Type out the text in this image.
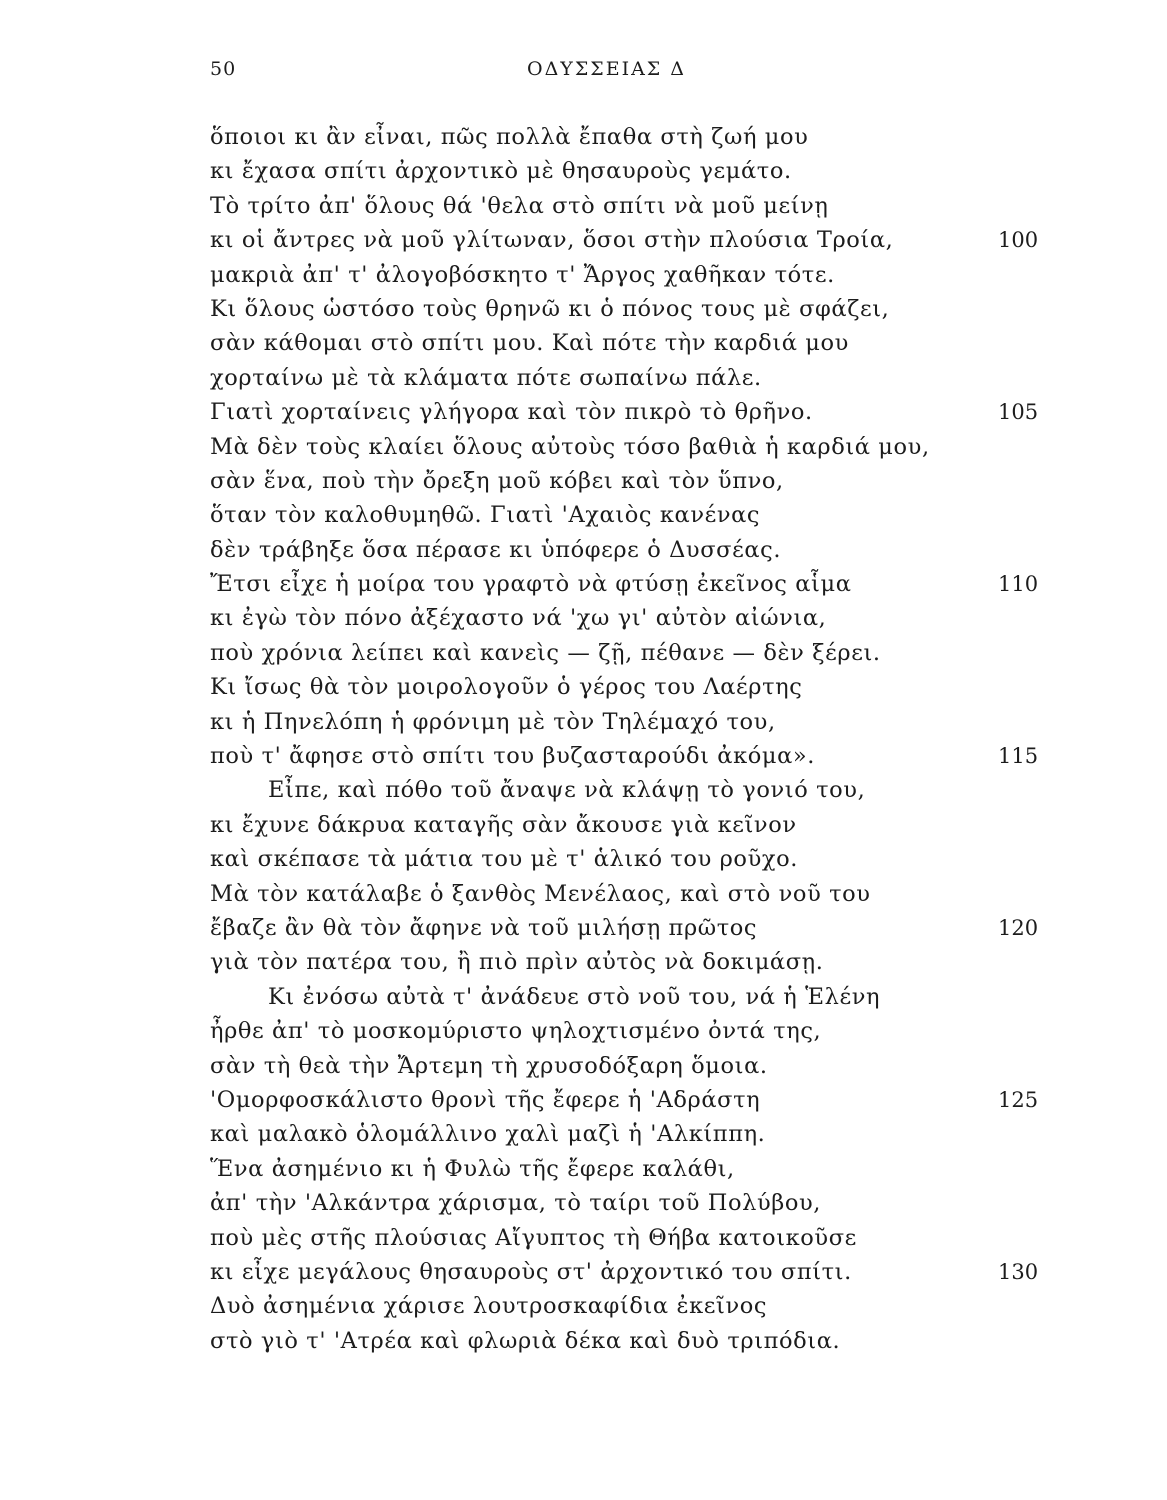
50	ΟΔΥΣΣΕΙΑΣ Δ
ὅποιοι κι ἂν εἶναι, πῶς πολλὰ ἔπαθα στὴ ζωή μου
κι ἔχασα σπίτι ἀρχοντικὸ μὲ θησαυροὺς γεμάτο.
Τὸ τρίτο ἀπ' ὅλους θά 'θελα στὸ σπίτι νὰ μοῦ μείνῃ
κι οἱ ἄντρες νὰ μοῦ γλίτωναν, ὅσοι στὴν πλούσια Τροία,	100
μακριὰ ἀπ' τ' ἀλογοβόσκητο τ' Ἄργος χαθῆκαν τότε.
Κι ὅλους ὡστόσο τοὺς θρηνῶ κι ὁ πόνος τους μὲ σφάζει,
σὰν κάθομαι στὸ σπίτι μου. Καὶ πότε τὴν καρδιά μου
χορταίνω μὲ τὰ κλάματα πότε σωπαίνω πάλε.
Γιατὶ χορταίνεις γλήγορα καὶ τὸν πικρὸ τὸ θρῆνο.	105
Μὰ δὲν τοὺς κλαίει ὅλους αὐτοὺς τόσο βαθιὰ ἡ καρδιά μου,
σὰν ἕνα, ποὺ τὴν ὄρεξη μοῦ κόβει καὶ τὸν ὕπνο,
ὅταν τὸν καλοθυμηθῶ. Γιατὶ 'Αχαιὸς κανένας
δὲν τράβηξε ὅσα πέρασε κι ὑπόφερε ὁ Δυσσέας.
Ἔτσι εἶχε ἡ μοίρα του γραφτὸ νὰ φτύσῃ ἐκεῖνος αἷμα	110
κι ἐγὼ τὸν πόνο ἀξέχαστο νά 'χω γι' αὐτὸν αἰώνια,
ποὺ χρόνια λείπει καὶ κανεὶς — ζῇ, πέθανε — δὲν ξέρει.
Κι ἴσως θὰ τὸν μοιρολογοῦν ὁ γέρος του Λαέρτης
κι ἡ Πηνελόπη ἡ φρόνιμη μὲ τὸν Τηλέμαχό του,
ποὺ τ' ἄφησε στὸ σπίτι του βυζασταρούδι ἀκόμα».	115
Εἶπε, καὶ πόθο τοῦ ἄναψε νὰ κλάψῃ τὸ γονιό του,
κι ἔχυνε δάκρυα καταγῆς σὰν ἄκουσε γιὰ κεῖνον
καὶ σκέπασε τὰ μάτια του μὲ τ' ἁλικό του ροῦχο.
Μὰ τὸν κατάλαβε ὁ ξανθὸς Μενέλαος, καὶ στὸ νοῦ του
ἔβαζε ἂν θὰ τὸν ἄφηνε νὰ τοῦ μιλήσῃ πρῶτος	120
γιὰ τὸν πατέρα του, ἢ πιὸ πρὶν αὐτὸς νὰ δοκιμάσῃ.
Κι ἐνόσω αὐτὰ τ' ἀνάδευε στὸ νοῦ του, νά ἡ Ἑλένη
ἦρθε ἀπ' τὸ μοσκομύριστο ψηλοχτισμένο ὀντά της,
σὰν τὴ θεὰ τὴν Ἄρτεμη τὴ χρυσοδόξαρη ὅμοια.
'Ομορφοσκάλιστο θρονὶ τῆς ἔφερε ἡ 'Αδράστη	125
καὶ μαλακὸ ὁλομάλλινο χαλὶ μαζὶ ἡ 'Αλκίππη.
Ἕνα ἀσημένιο κι ἡ Φυλὼ τῆς ἔφερε καλάθι,
ἀπ' τὴν 'Αλκάντρα χάρισμα, τὸ ταίρι τοῦ Πολύβου,
ποὺ μὲς στῆς πλούσιας Αἴγυπτος τὴ Θήβα κατοικοῦσε
κι εἶχε μεγάλους θησαυροὺς στ' ἀρχοντικό του σπίτι.	130
Δυὸ ἀσημένια χάρισε λουτροσκαφίδια ἐκεῖνος
στὸ γιὸ τ' 'Ατρέα καὶ φλωριὰ δέκα καὶ δυὸ τριπόδια.
